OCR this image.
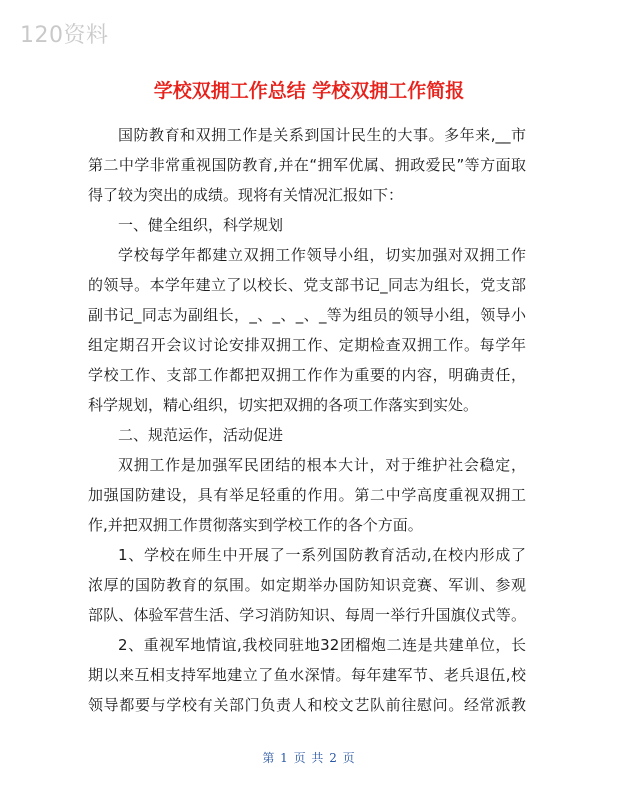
120资料
学校双拥工作总结 学校双拥工作简报
国防教育和双拥工作是关系到国计民生的大事。多年来,__市
第二中学非常重视国防教育,并在“拥军优属、拥政爱民”等方面取
得了较为突出的成绩。现将有关情况汇报如下：
一、健全组织，科学规划
学校每学年都建立双拥工作领导小组，切实加强对双拥工作
的领导。本学年建立了以校长、党支部书记_同志为组长，党支部
副书记_同志为副组长，_、_、_、_等为组员的领导小组，领导小
组定期召开会议讨论安排双拥工作、定期检查双拥工作。每学年
学校工作、支部工作都把双拥工作作为重要的内容，明确责任，
科学规划，精心组织，切实把双拥的各项工作落实到实处。
二、规范运作，活动促进
双拥工作是加强军民团结的根本大计，对于维护社会稳定，
加强国防建设，具有举足轻重的作用。第二中学高度重视双拥工
作,并把双拥工作贯彻落实到学校工作的各个方面。
1、学校在师生中开展了一系列国防教育活动,在校内形成了
浓厚的国防教育的氛围。如定期举办国防知识竞赛、军训、参观
部队、体验军营生活、学习消防知识、每周一举行升国旗仪式等。
2、重视军地情谊,我校同驻地32团榴炮二连是共建单位，长
期以来互相支持军地建立了鱼水深情。每年建军节、老兵退伍,校
领导都要与学校有关部门负责人和校文艺队前往慰问。经常派教
第 1 页 共 2 页
